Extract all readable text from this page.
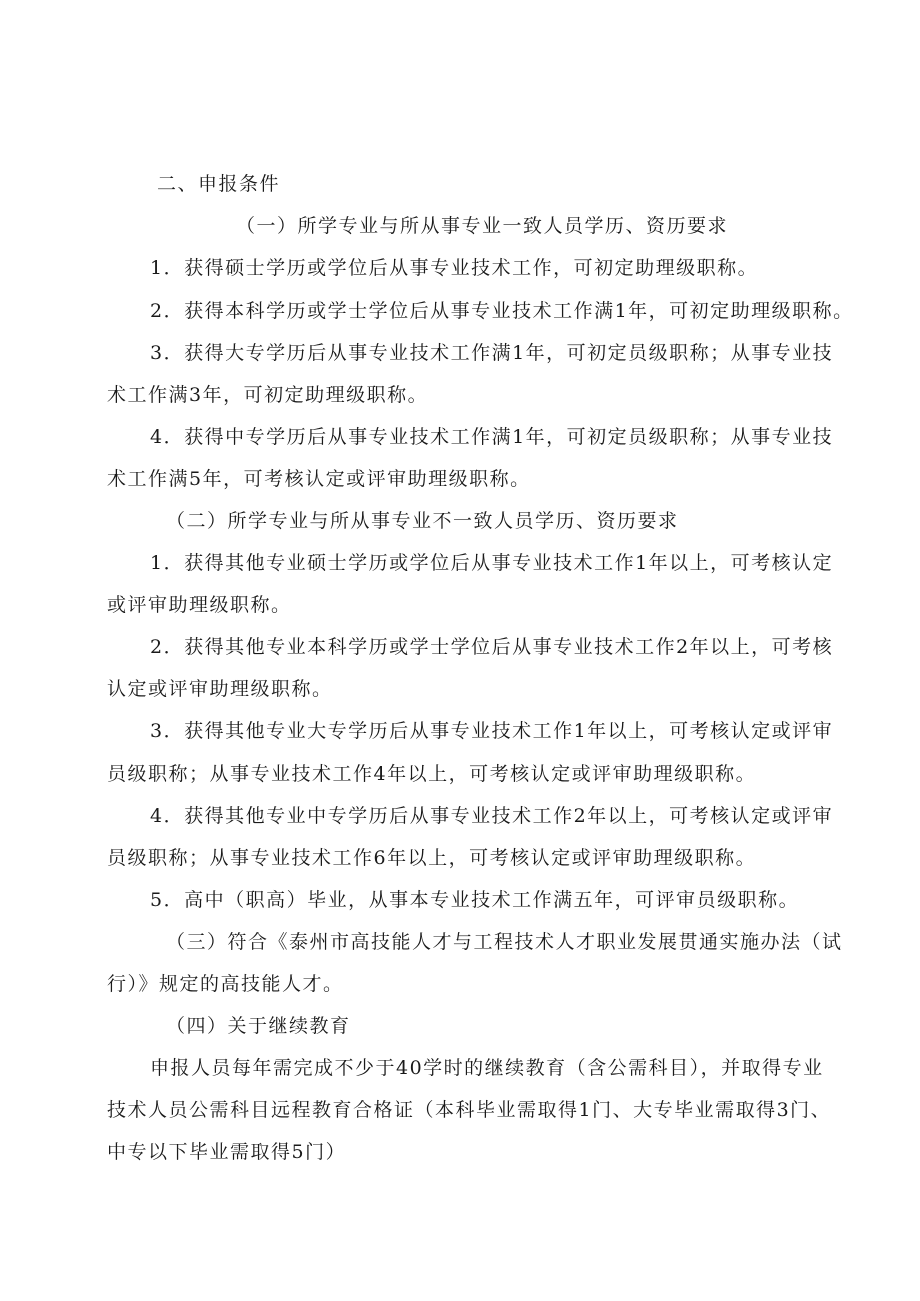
二、申报条件
（一）所学专业与所从事专业一致人员学历、资历要求
1．获得硕士学历或学位后从事专业技术工作，可初定助理级职称。
2．获得本科学历或学士学位后从事专业技术工作满1年，可初定助理级职称。
3．获得大专学历后从事专业技术工作满1年，可初定员级职称；从事专业技
术工作满3年，可初定助理级职称。
4．获得中专学历后从事专业技术工作满1年，可初定员级职称；从事专业技
术工作满5年，可考核认定或评审助理级职称。
（二）所学专业与所从事专业不一致人员学历、资历要求
1．获得其他专业硕士学历或学位后从事专业技术工作1年以上，可考核认定
或评审助理级职称。
2．获得其他专业本科学历或学士学位后从事专业技术工作2年以上，可考核
认定或评审助理级职称。
3．获得其他专业大专学历后从事专业技术工作1年以上，可考核认定或评审
员级职称；从事专业技术工作4年以上，可考核认定或评审助理级职称。
4．获得其他专业中专学历后从事专业技术工作2年以上，可考核认定或评审
员级职称；从事专业技术工作6年以上，可考核认定或评审助理级职称。
5．高中（职高）毕业，从事本专业技术工作满五年，可评审员级职称。
（三）符合《泰州市高技能人才与工程技术人才职业发展贯通实施办法（试
行）》规定的高技能人才。
（四）关于继续教育
申报人员每年需完成不少于40学时的继续教育（含公需科目），并取得专业
技术人员公需科目远程教育合格证（本科毕业需取得1门、大专毕业需取得3门、
中专以下毕业需取得5门）
